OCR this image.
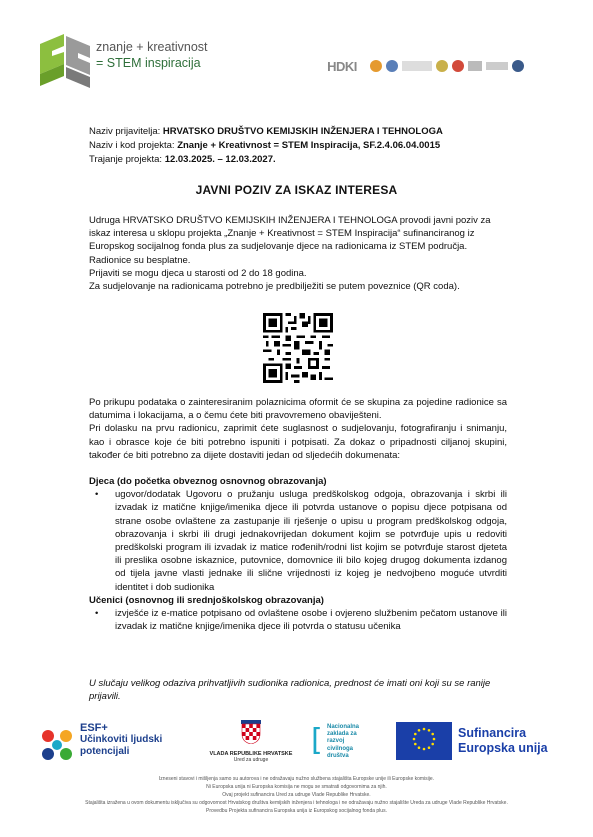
znanje + kreativnost
= STEM inspiracija	HDKI
Naziv prijavitelja: HRVATSKO DRUŠTVO KEMIJSKIH INŽENJERA I TEHNOLOGA
Naziv i kod projekta: Znanje + Kreativnost = STEM Inspiracija, SF.2.4.06.04.0015
Trajanje projekta: 12.03.2025. – 12.03.2027.
JAVNI POZIV ZA ISKAZ INTERESA

Udruga HRVATSKO DRUŠTVO KEMIJSKIH INŽENJERA I TEHNOLOGA provodi javni poziv za iskaz interesa u sklopu projekta „Znanje + Kreativnost = STEM Inspiracija“ sufinanciranog iz Europskog socijalnog fonda plus za sudjelovanje djece na radionicama iz STEM područja. Radionice su besplatne.

Prijaviti se mogu djeca u starosti od 2 do 18 godina.

Za sudjelovanje na radionicama potrebno je predbilježiti se putem poveznice (QR coda).

Po prikupu podataka o zainteresiranim polaznicima oformit će se skupina za pojedine radionice sa datumima i lokacijama, a o čemu ćete biti pravovremeno obaviješteni.

Pri dolasku na prvu radionicu, zaprimit ćete suglasnost o sudjelovanju, fotografiranju i snimanju, kao i obrasce koje će biti potrebno ispuniti i potpisati. Za dokaz o pripadnosti ciljanoj skupini, također će biti potrebno za dijete dostaviti jedan od sljedećih dokumenata:

Djeca (do početka obveznog osnovnog obrazovanja)
•	ugovor/dodatak Ugovoru o pružanju usluga predškolskog odgoja, obrazovanja i skrbi ili izvadak iz matične knjige/imenika djece ili potvrda ustanove o popisu djece potpisana od strane osobe ovlaštene za zastupanje ili rješenje o upisu u program predškolskog odgoja, obrazovanja i skrbi ili drugi jednakovrijedan dokument kojim se potvrđuje upis u redoviti predškolski program ili izvadak iz matice rođenih/rodni list kojim se potvrđuje starost djeteta ili preslika osobne iskaznice, putovnice, domovnice ili bilo kojeg drugog dokumenta izdanog od tijela javne vlasti jednake ili slične vrijednosti iz kojeg je nedvojbeno moguće utvrditi identitet i dob sudionika
Učenici (osnovnog ili srednjoškolskog obrazovanja)
•	izvješće iz e-matice potpisano od ovlaštene osobe i ovjereno službenim pečatom ustanove ili izvadak iz matične knjige/imenika djece ili potvrda o statusu učenika
U slučaju velikog odaziva prihvatljivih sudionika radionica, prednost će imati oni koji su se ranije prijavili.
ESF+
Učinkoviti ljudski
potencijali	VLADA REPUBLIKE HRVATSKE
Ured za udruge
[ Nacionalna
zaklada za
razvoj
civilnoga
društva
Sufinancira
Europska unija
Izneseni stavovi i mišljenja samo su autorova i ne odražavaju nužno službena stajališta Europske unije ili Europske komisije.
Ni Europska unija ni Europska komisija ne mogu se smatrati odgovornima za njih.
Ovaj projekt sufinancira Ured za udruge Vlade Republike Hrvatske.
Stajališta izražena u ovom dokumentu isključiva su odgovornost Hrvatskog društva kemijskih inženjera i tehnologa i ne odražavaju nužno stajalište Ureda za udruge Vlade Republike Hrvatske.
Provedbu Projekta sufinancira Europska unija iz Europskog socijalnog fonda plus.
